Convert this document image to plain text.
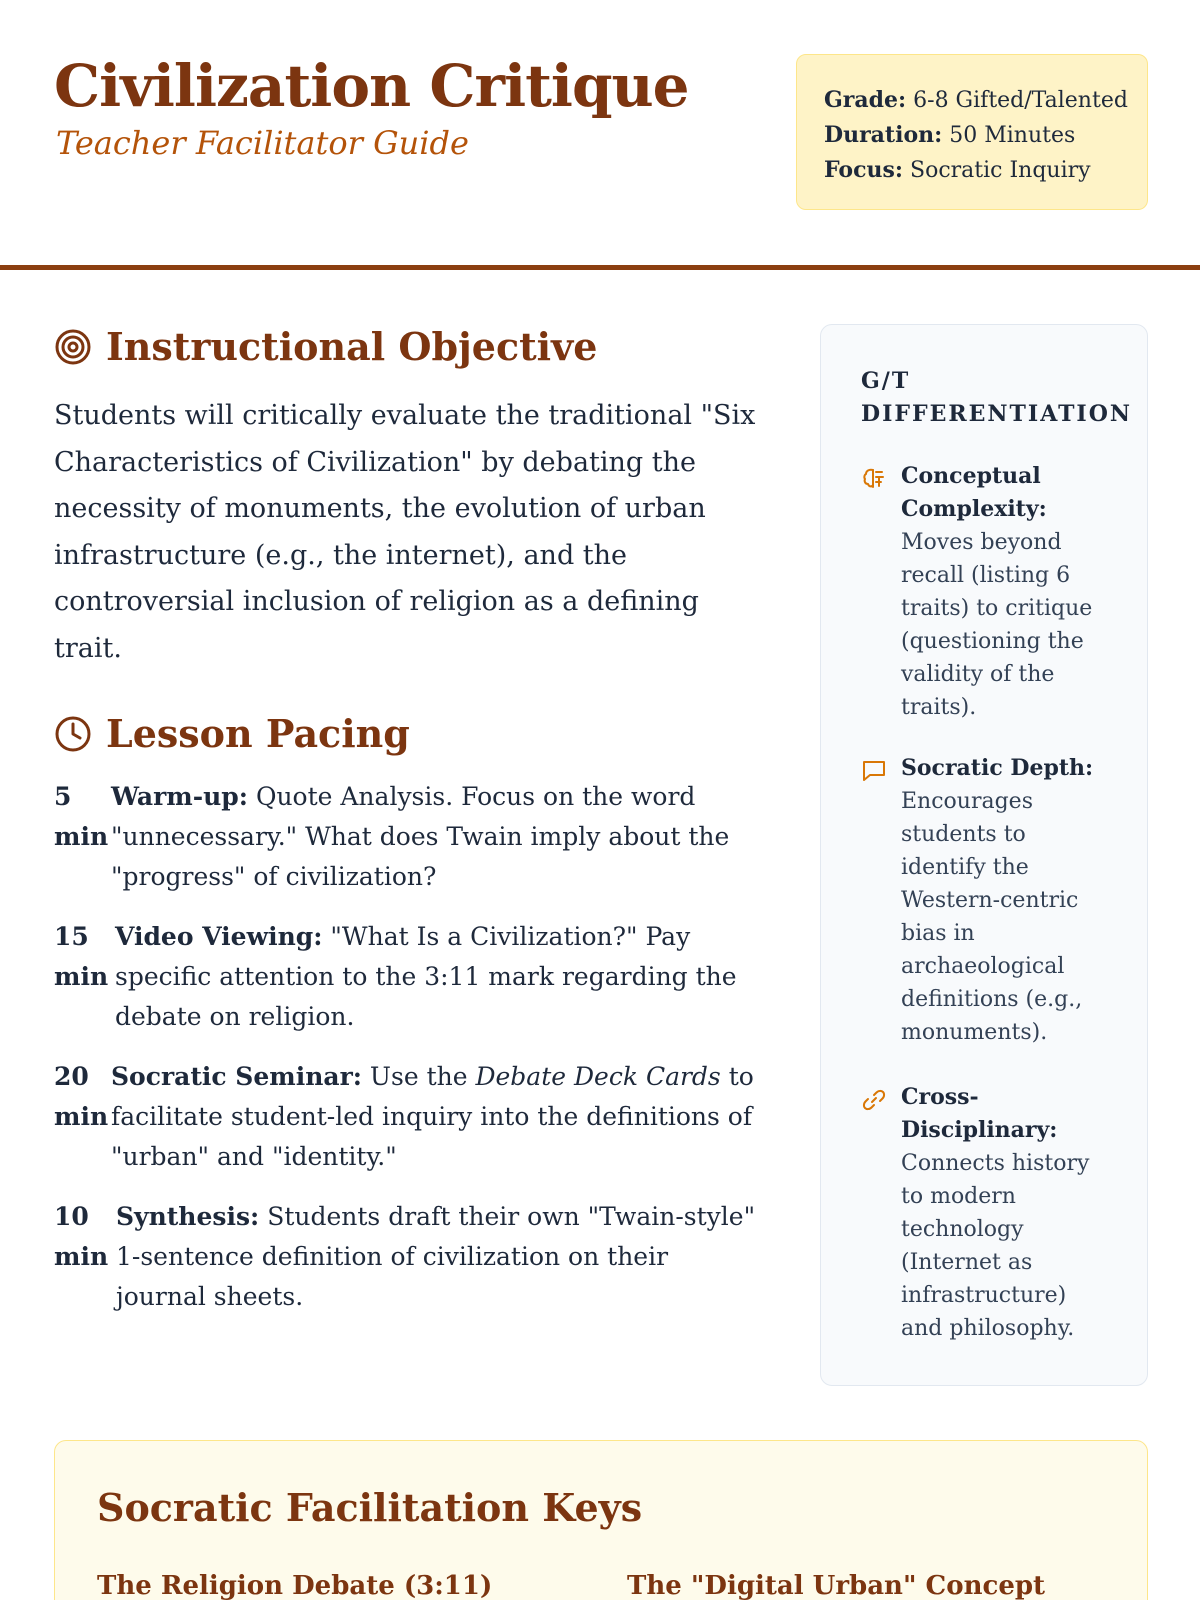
Civilization Critique
Teacher Facilitator Guide
Grade: 6-8 Gifted/Talented
Duration: 50 Minutes
Focus: Socratic Inquiry
Instructional Objective
Students will critically evaluate the traditional "Six Characteristics of Civilization" by debating the necessity of monuments, the evolution of urban infrastructure (e.g., the internet), and the controversial inclusion of religion as a defining trait.
Lesson Pacing
5
min
Warm-up: Quote Analysis. Focus on the word "unnecessary." What does Twain imply about the "progress" of civilization?
15
min
Video Viewing: "What Is a Civilization?" Pay specific attention to the 3:11 mark regarding the debate on religion.
20
min
Socratic Seminar: Use the Debate Deck Cards to facilitate student-led inquiry into the definitions of "urban" and "identity."
10
min
Synthesis: Students draft their own "Twain-style" 1-sentence definition of civilization on their journal sheets.
G/T DIFFERENTIATION
Conceptual Complexity: Moves beyond recall (listing 6 traits) to critique (questioning the validity of the traits).
Socratic Depth: Encourages students to identify the Western-centric bias in archaeological definitions (e.g., monuments).
Cross-Disciplinary: Connects history to modern technology (Internet as infrastructure) and philosophy.
Socratic Facilitation Keys
The Religion Debate (3:11)	The "Digital Urban" Concept
